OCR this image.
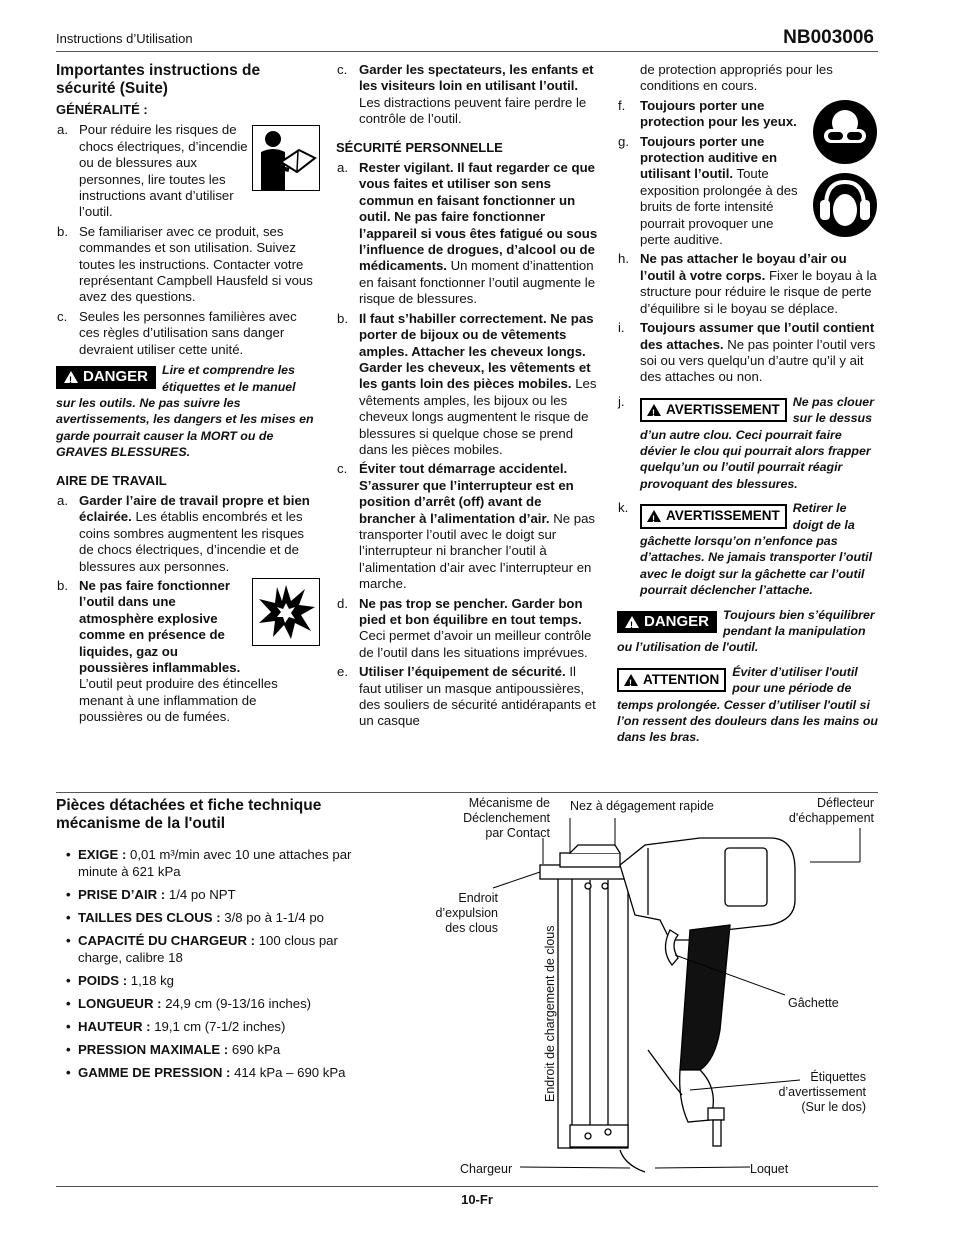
Instructions d’Utilisation	NB003006
Importantes instructions de sécurité (Suite)
GÉNÉRALITÉ :
a. Pour réduire les risques de chocs électriques, d’incendie ou de blessures aux personnes, lire toutes les instructions avant d’utiliser l’outil.
b. Se familiariser avec ce produit, ses commandes et son utilisation. Suivez toutes les instructions. Contacter votre représentant Campbell Hausfeld si vous avez des questions.
c. Seules les personnes familières avec ces règles d’utilisation sans danger devraient utiliser cette unité.
!
DANGER Lire et comprendre les étiquettes et le manuel sur les outils. Ne pas suivre les avertissements, les dangers et les mises en garde pourrait causer la MORT ou de GRAVES BLESSURES.
AIRE DE TRAVAIL
a. Garder l’aire de travail propre et bien éclairée. Les établis encombrés et les coins sombres augmentent les risques de chocs électriques, d’incendie et de blessures aux personnes.
b. Ne pas faire fonctionner l’outil dans une atmosphère explosive comme en présence de liquides, gaz ou poussières inflammables.
L’outil peut produire des étincelles menant à une inflammation de poussières ou de fumées.
c. Garder les spectateurs, les enfants et les visiteurs loin en utilisant l’outil. Les distractions peuvent faire perdre le contrôle de l’outil.
SÉCURITÉ PERSONNELLE
a. Rester vigilant. Il faut regarder ce que vous faites et utiliser son sens commun en faisant fonctionner un outil. Ne pas faire fonctionner l’appareil si vous êtes fatigué ou sous l’influence de drogues, d’alcool ou de médicaments. Un moment d’inattention en faisant fonctionner l’outil augmente le risque de blessures.
b. Il faut s’habiller correctement. Ne pas porter de bijoux ou de vêtements amples. Attacher les cheveux longs. Garder les cheveux, les vêtements et les gants loin des pièces mobiles. Les vêtements amples, les bijoux ou les cheveux longs augmentent le risque de blessures si quelque chose se prend dans les pièces mobiles.
c. Éviter tout démarrage accidentel. S’assurer que l’interrupteur est en position d’arrêt (off) avant de brancher à l’alimentation d’air. Ne pas transporter l’outil avec le doigt sur l’interrupteur ni brancher l’outil à l’alimentation d’air avec l’interrupteur en marche.
d. Ne pas trop se pencher. Garder bon pied et bon équilibre en tout temps. Ceci permet d’avoir un meilleur contrôle de l’outil dans les situations imprévues.
e. Utiliser l’équipement de sécurité. Il faut utiliser un masque antipoussières, des souliers de sécurité antidérapants et un casque
de protection appropriés pour les conditions en cours.
f. Toujours porter une protection pour les yeux.
g. Toujours porter une protection auditive en utilisant l’outil. Toute exposition prolongée à des bruits de forte intensité pourrait provoquer une perte auditive.
h. Ne pas attacher le boyau d’air ou l’outil à votre corps. Fixer le boyau à la structure pour réduire le risque de perte d’équilibre si le boyau se déplace.
i. Toujours assumer que l’outil contient des attaches. Ne pas pointer l’outil vers soi ou vers quelqu’un d’autre qu’il y ait des attaches ou non.
j.
!
AVERTISSEMENT Ne pas clouer sur le dessus d’un autre clou. Ceci pourrait faire dévier le clou qui pourrait alors frapper quelqu’un ou l’outil pourrait réagir provoquant des blessures.
k.
!
AVERTISSEMENT Retirer le doigt de la gâchette lorsqu’on n’enfonce pas d’attaches. Ne jamais transporter l’outil avec le doigt sur la gâchette car l’outil pourrait déclencher l’attache.
!
DANGER Toujours bien s’équilibrer pendant la manipulation ou l’utilisation de l'outil.
!
ATTENTION Éviter d’utiliser l'outil pour une période de temps prolongée. Cesser d’utiliser l'outil si l’on ressent des douleurs dans les mains ou dans les bras.
Pièces détachées et fiche technique mécanisme de la l'outil
• EXIGE : 0,01 m³/min avec 10 une attaches par minute à 621 kPa
• PRISE D’AIR : 1/4 po NPT
• TAILLES DES CLOUS : 3/8 po à 1-1/4 po
• CAPACITÉ DU CHARGEUR : 100 clous par charge, calibre 18
• POIDS : 1,18 kg
• LONGUEUR : 24,9 cm (9-13/16 inches)
• HAUTEUR : 19,1 cm (7-1/2 inches)
• PRESSION MAXIMALE : 690 kPa
• GAMME DE PRESSION : 414 kPa – 690 kPa
Mécanisme de Déclenchement par Contact
Nez à dégagement rapide	Déflecteur d'échappement
Endroit d’expulsion des clous	Endroit de chargement de clous	Gâchette
Étiquettes d’avertissement (Sur le dos)
Chargeur	Loquet
10-Fr
